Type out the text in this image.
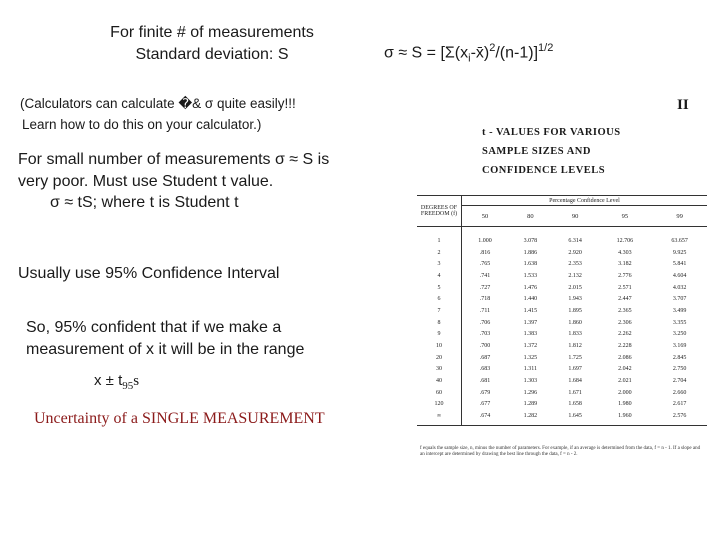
For finite # of measurements
Standard deviation: S
(Calculators can calculate �& σ quite easily!!!
Learn how to do this on your calculator.)
For small number of measurements σ ≈ S is
very poor. Must use Student t value.
σ ≈ tS; where t is Student t
Usually use 95% Confidence Interval
So, 95% confident that if we make a
measurement of x it will be in the range
$x \pm t_{95}s$
Uncertainty of a SINGLE MEASUREMENT
$\sigma \approx S = [\Sigma(x_i-x̄)^2/(n-1)]^{1/2}$
II
t - VALUES FOR VARIOUS
SAMPLE SIZES AND
CONFIDENCE LEVELS
DEGREES OF
FREEDOM (f)	Percentage Confidence Level				
	50	80	90	95	99
1	1.000	3.078	6.314	12.706	63.657
2	.816	1.886	2.920	4.303	9.925
3	.765	1.638	2.353	3.182	5.841
4	.741	1.533	2.132	2.776	4.604
5	.727	1.476	2.015	2.571	4.032
6	.718	1.440	1.943	2.447	3.707
7	.711	1.415	1.895	2.365	3.499
8	.706	1.397	1.860	2.306	3.355
9	.703	1.383	1.833	2.262	3.250
10	.700	1.372	1.812	2.228	3.169
20	.687	1.325	1.725	2.086	2.845
30	.683	1.311	1.697	2.042	2.750
40	.681	1.303	1.684	2.021	2.704
60	.679	1.296	1.671	2.000	2.660
120	.677	1.289	1.658	1.980	2.617
∞	.674	1.282	1.645	1.960	2.576
f equals the sample size, n, minus the number of parameters. For example, if an average is determined from the data, f = n - 1. If a slope and an intercept are determined by drawing the best line through the data, f = n - 2.
